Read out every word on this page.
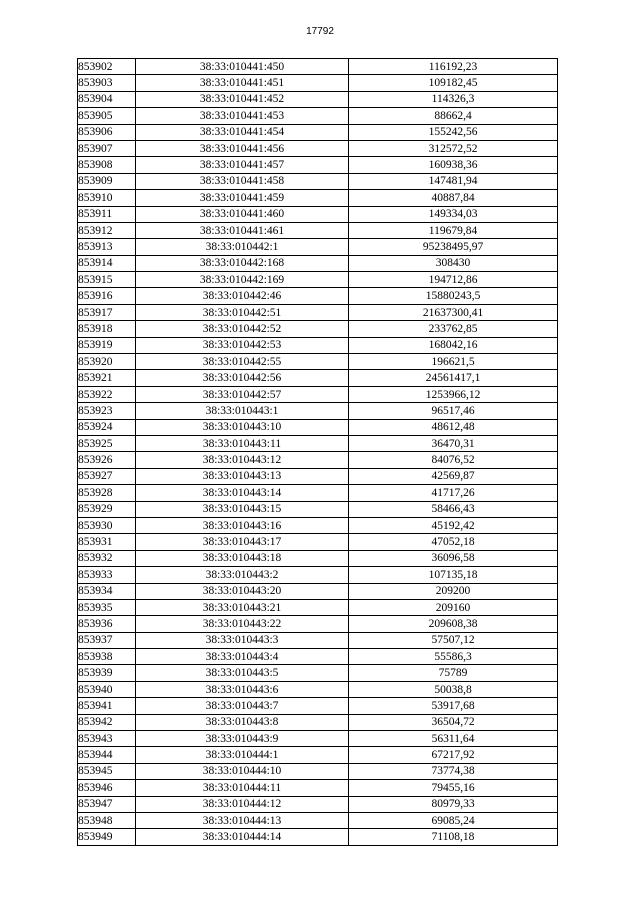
17792
853902	38:33:010441:450	116192,23
853903	38:33:010441:451	109182,45
853904	38:33:010441:452	114326,3
853905	38:33:010441:453	88662,4
853906	38:33:010441:454	155242,56
853907	38:33:010441:456	312572,52
853908	38:33:010441:457	160938,36
853909	38:33:010441:458	147481,94
853910	38:33:010441:459	40887,84
853911	38:33:010441:460	149334,03
853912	38:33:010441:461	119679,84
853913	38:33:010442:1	95238495,97
853914	38:33:010442:168	308430
853915	38:33:010442:169	194712,86
853916	38:33:010442:46	15880243,5
853917	38:33:010442:51	21637300,41
853918	38:33:010442:52	233762,85
853919	38:33:010442:53	168042,16
853920	38:33:010442:55	196621,5
853921	38:33:010442:56	24561417,1
853922	38:33:010442:57	1253966,12
853923	38:33:010443:1	96517,46
853924	38:33:010443:10	48612,48
853925	38:33:010443:11	36470,31
853926	38:33:010443:12	84076,52
853927	38:33:010443:13	42569,87
853928	38:33:010443:14	41717,26
853929	38:33:010443:15	58466,43
853930	38:33:010443:16	45192,42
853931	38:33:010443:17	47052,18
853932	38:33:010443:18	36096,58
853933	38:33:010443:2	107135,18
853934	38:33:010443:20	209200
853935	38:33:010443:21	209160
853936	38:33:010443:22	209608,38
853937	38:33:010443:3	57507,12
853938	38:33:010443:4	55586,3
853939	38:33:010443:5	75789
853940	38:33:010443:6	50038,8
853941	38:33:010443:7	53917,68
853942	38:33:010443:8	36504,72
853943	38:33:010443:9	56311,64
853944	38:33:010444:1	67217,92
853945	38:33:010444:10	73774,38
853946	38:33:010444:11	79455,16
853947	38:33:010444:12	80979,33
853948	38:33:010444:13	69085,24
853949	38:33:010444:14	71108,18
